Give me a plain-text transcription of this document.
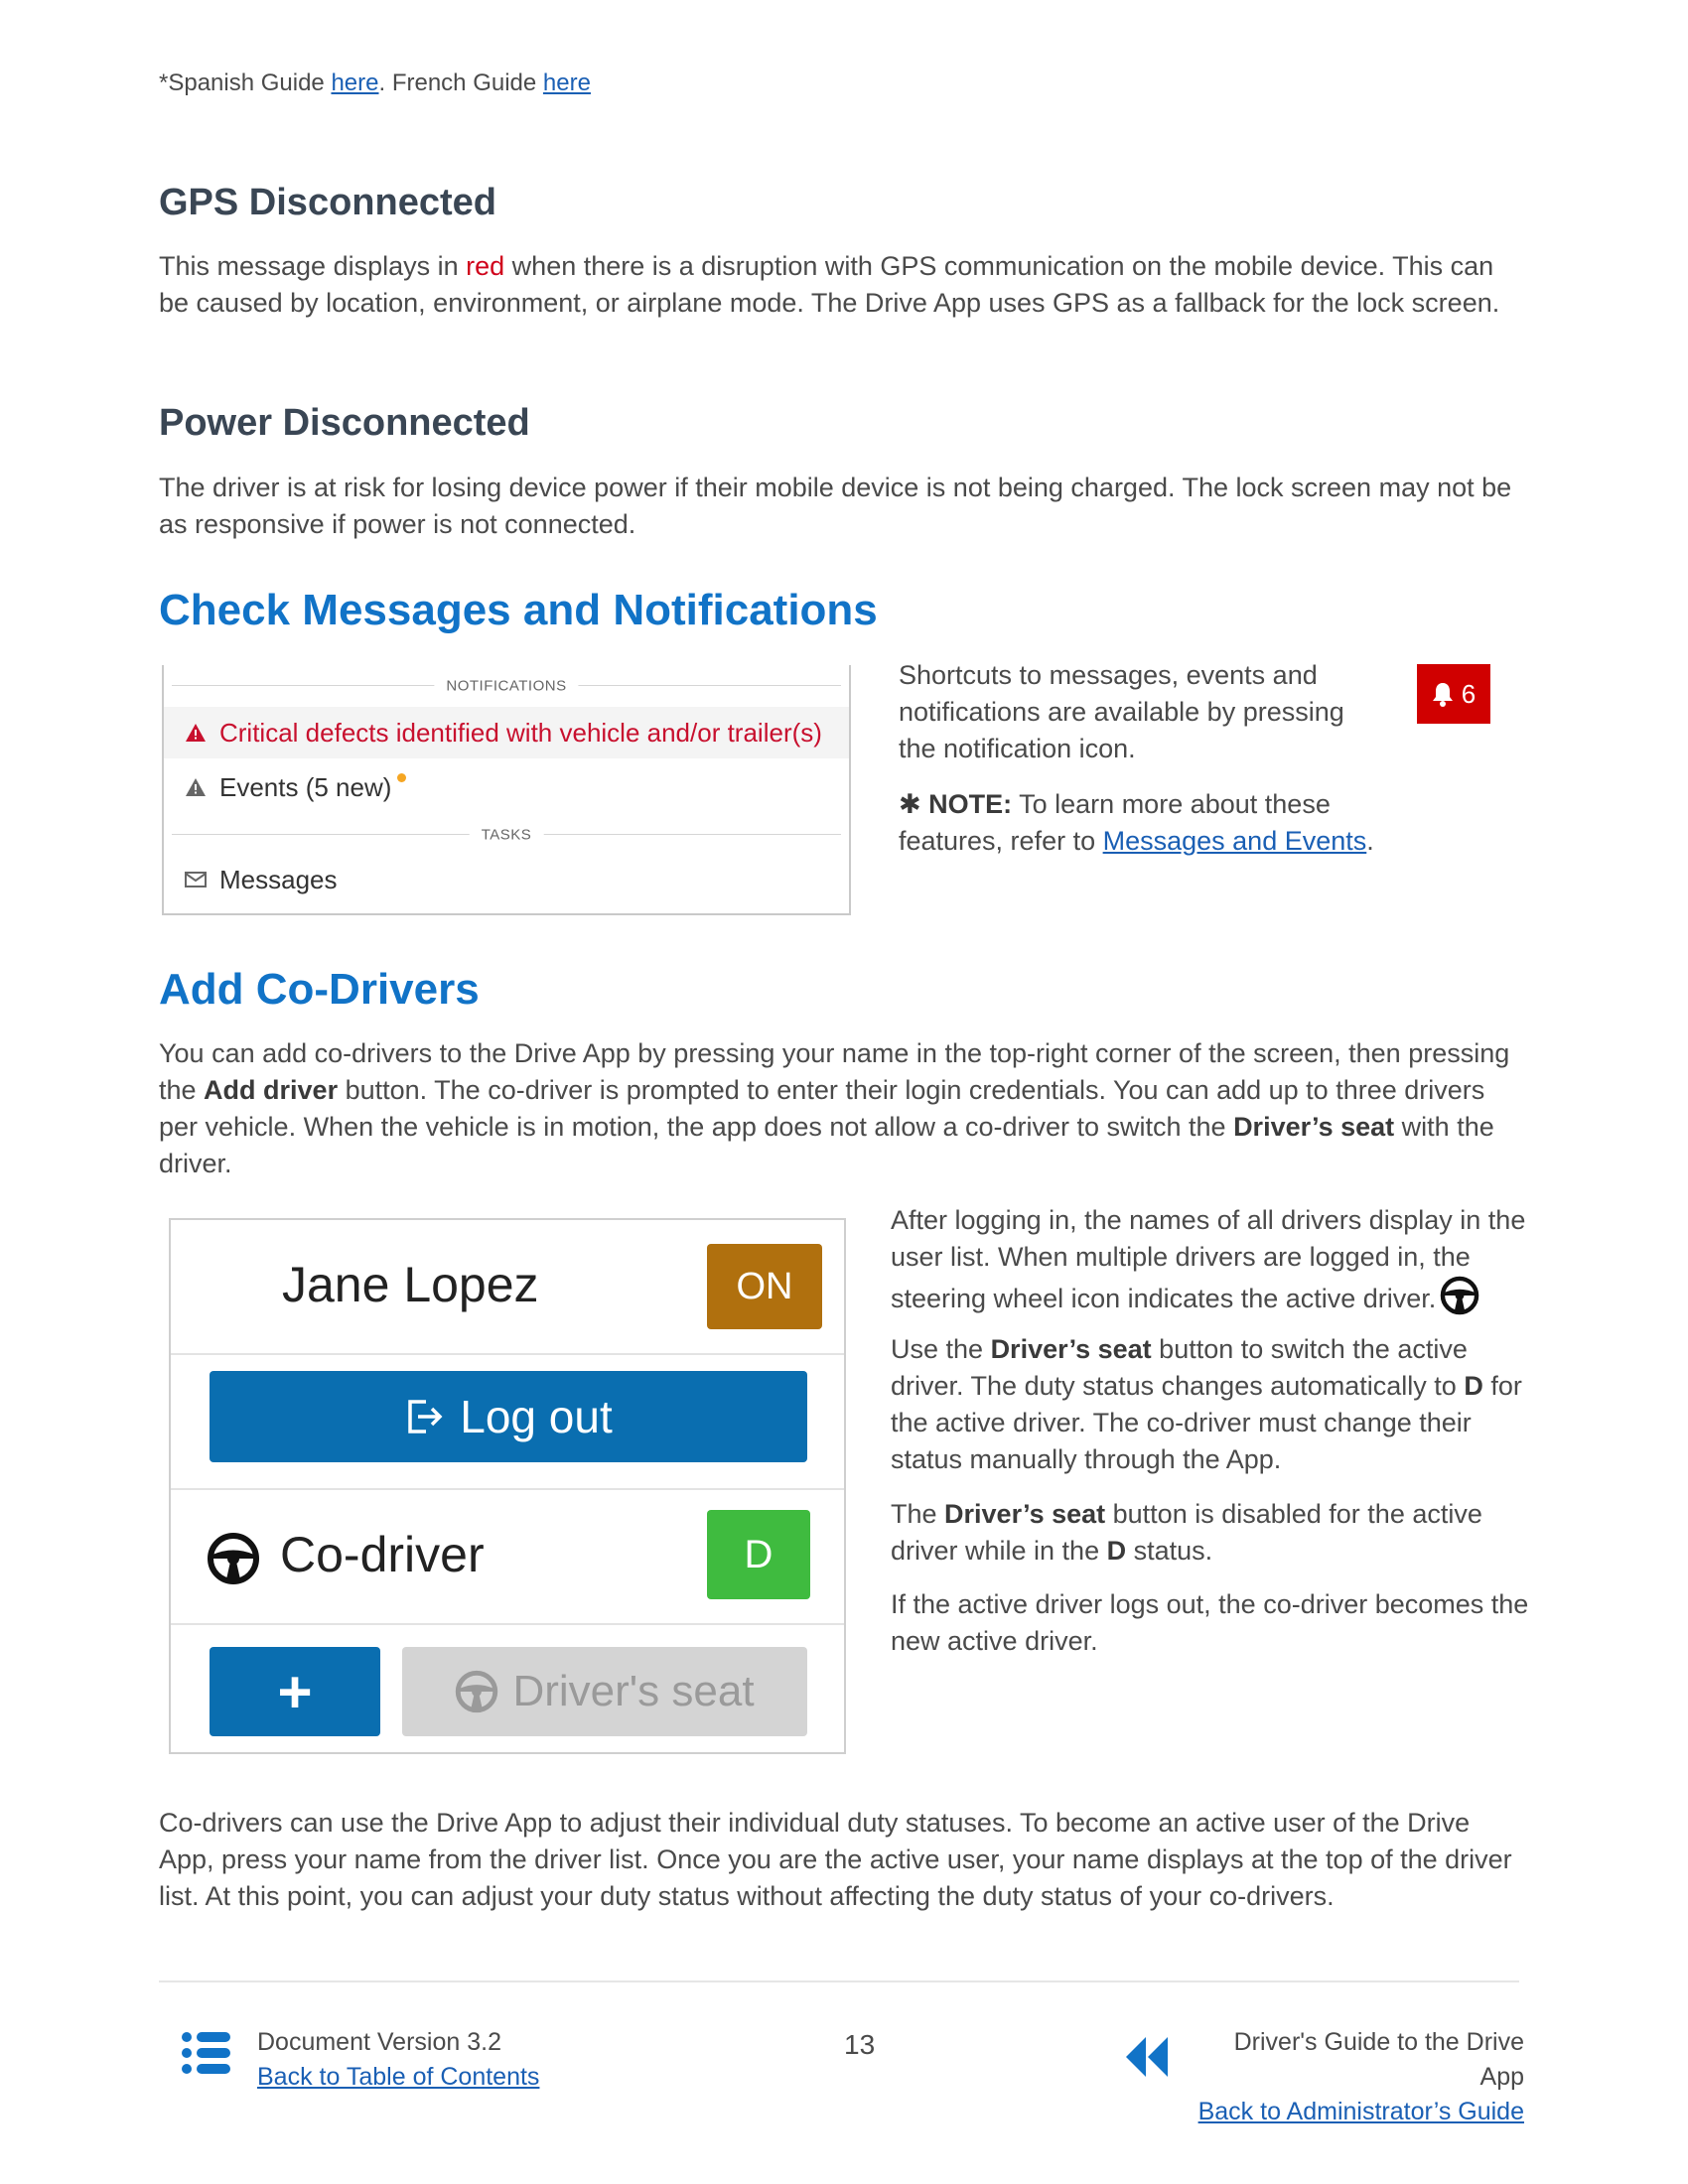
*Spanish Guide here. French Guide here
GPS Disconnected

This message displays in red when there is a disruption with GPS communication on the mobile device. This can be caused by location, environment, or airplane mode. The Drive App uses GPS as a fallback for the lock screen.

Power Disconnected

The driver is at risk for losing device power if their mobile device is not being charged. The lock screen may not be as responsive if power is not connected.

Check Messages and Notifications
NOTIFICATIONS
Critical defects identified with vehicle and/or trailer(s)
Events (5 new)
TASKS
Messages

Shortcuts to messages, events and notifications are available by pressing the notification icon.

✱ NOTE: To learn more about these features, refer to Messages and Events.

6
Add Co-Drivers

You can add co-drivers to the Drive App by pressing your name in the top-right corner of the screen, then pressing the Add driver button. The co-driver is prompted to enter their login credentials. You can add up to three drivers per vehicle. When the vehicle is in motion, the app does not allow a co-driver to switch the Driver’s seat with the driver.

Jane Lopez	ON
Log out
Co-driver	D
+	Driver's seat

After logging in, the names of all drivers display in the user list. When multiple drivers are logged in, the steering wheel icon indicates the active driver.

Use the Driver’s seat button to switch the active driver. The duty status changes automatically to D for the active driver. The co-driver must change their status manually through the App.

The Driver’s seat button is disabled for the active driver while in the D status.

If the active driver logs out, the co-driver becomes the new active driver.

Co-drivers can use the Drive App to adjust their individual duty statuses. To become an active user of the Drive App, press your name from the driver list. Once you are the active user, your name displays at the top of the driver list. At this point, you can adjust your duty status without affecting the duty status of your co-drivers.

Document Version 3.2
Back to Table of Contents
13	Driver's Guide to the Drive App
Back to Administrator’s Guide
